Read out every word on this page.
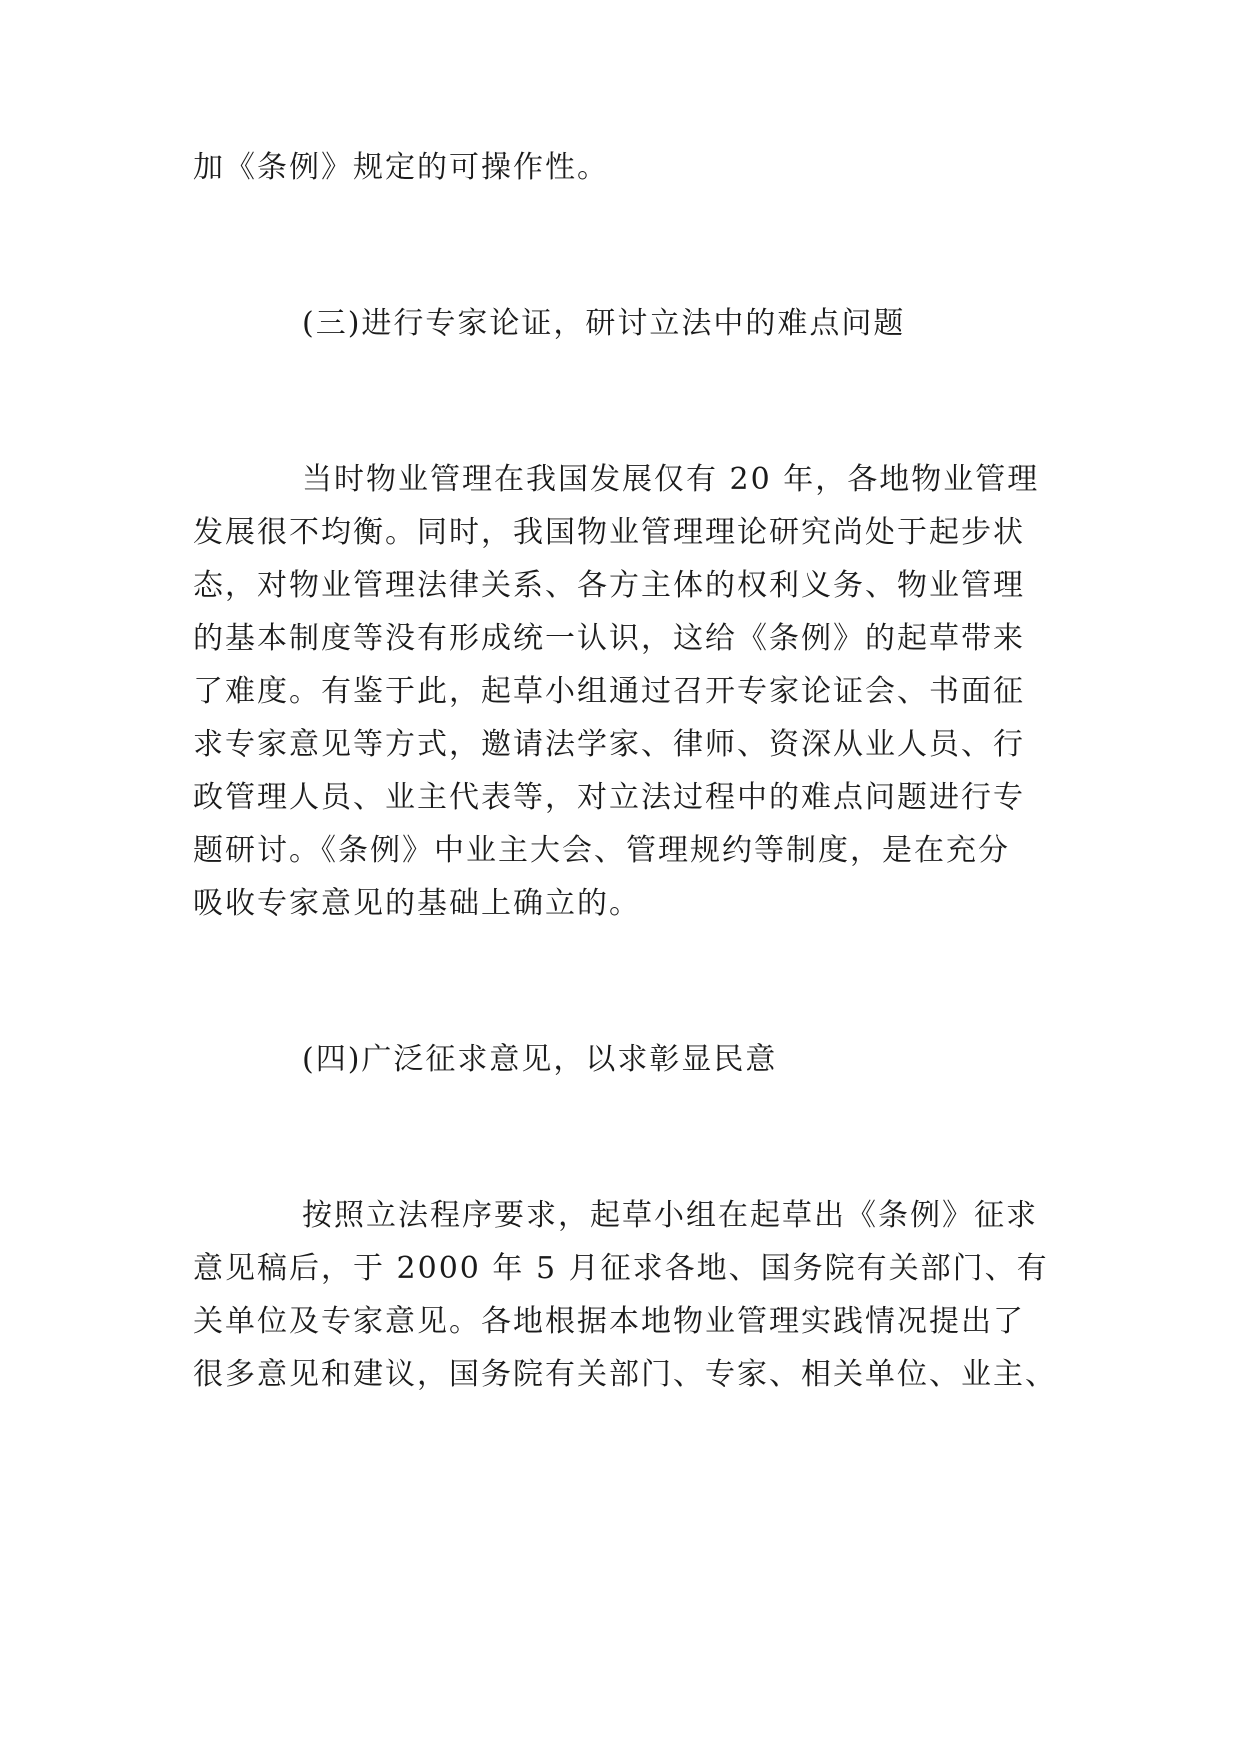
加《条例》规定的可操作性。
(三)进行专家论证，研讨立法中的难点问题
当时物业管理在我国发展仅有 20 年，各地物业管理
发展很不均衡。同时，我国物业管理理论研究尚处于起步状
态，对物业管理法律关系、各方主体的权利义务、物业管理
的基本制度等没有形成统一认识，这给《条例》的起草带来
了难度。有鉴于此，起草小组通过召开专家论证会、书面征
求专家意见等方式，邀请法学家、律师、资深从业人员、行
政管理人员、业主代表等，对立法过程中的难点问题进行专
题研讨。《条例》中业主大会、管理规约等制度，是在充分
吸收专家意见的基础上确立的。
(四)广泛征求意见，以求彰显民意
按照立法程序要求，起草小组在起草出《条例》征求
意见稿后，于 2000 年 5 月征求各地、国务院有关部门、有
关单位及专家意见。各地根据本地物业管理实践情况提出了
很多意见和建议，国务院有关部门、专家、相关单位、业主、
